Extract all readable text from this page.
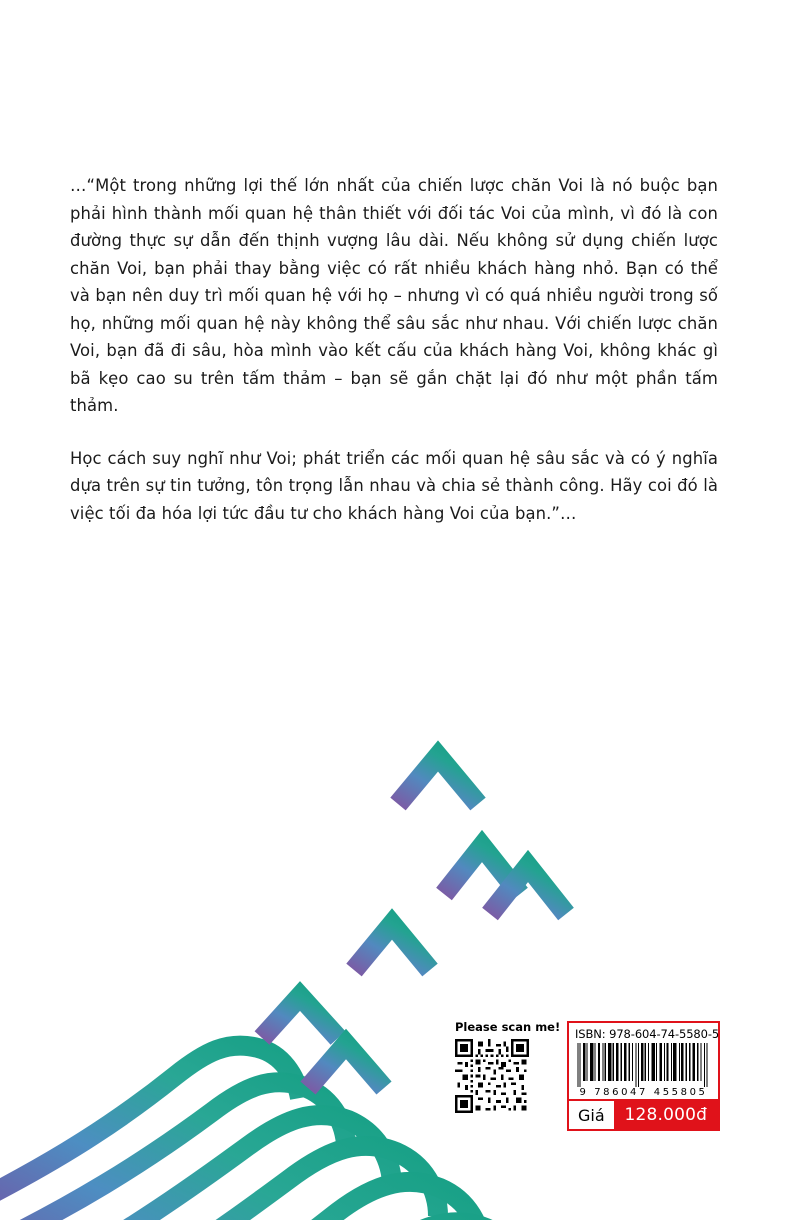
…“Một trong những lợi thế lớn nhất của chiến lược chăn Voi là nó buộc bạn phải hình thành mối quan hệ thân thiết với đối tác Voi của mình, vì đó là con đường thực sự dẫn đến thịnh vượng lâu dài. Nếu không sử dụng chiến lược chăn Voi, bạn phải thay bằng việc có rất nhiều khách hàng nhỏ. Bạn có thể và bạn nên duy trì mối quan hệ với họ – nhưng vì có quá nhiều người trong số họ, những mối quan hệ này không thể sâu sắc như nhau. Với chiến lược chăn Voi, bạn đã đi sâu, hòa mình vào kết cấu của khách hàng Voi, không khác gì bã kẹo cao su trên tấm thảm – bạn sẽ gắn chặt lại đó như một phần tấm thảm.

Học cách suy nghĩ như Voi; phát triển các mối quan hệ sâu sắc và có ý nghĩa dựa trên sự tin tưởng, tôn trọng lẫn nhau và chia sẻ thành công. Hãy coi đó là việc tối đa hóa lợi tức đầu tư cho khách hàng Voi của bạn.”…

Please scan me!	ISBN: 978-604-74-5580-5
9 786047 455805
Giá	128.000đ
